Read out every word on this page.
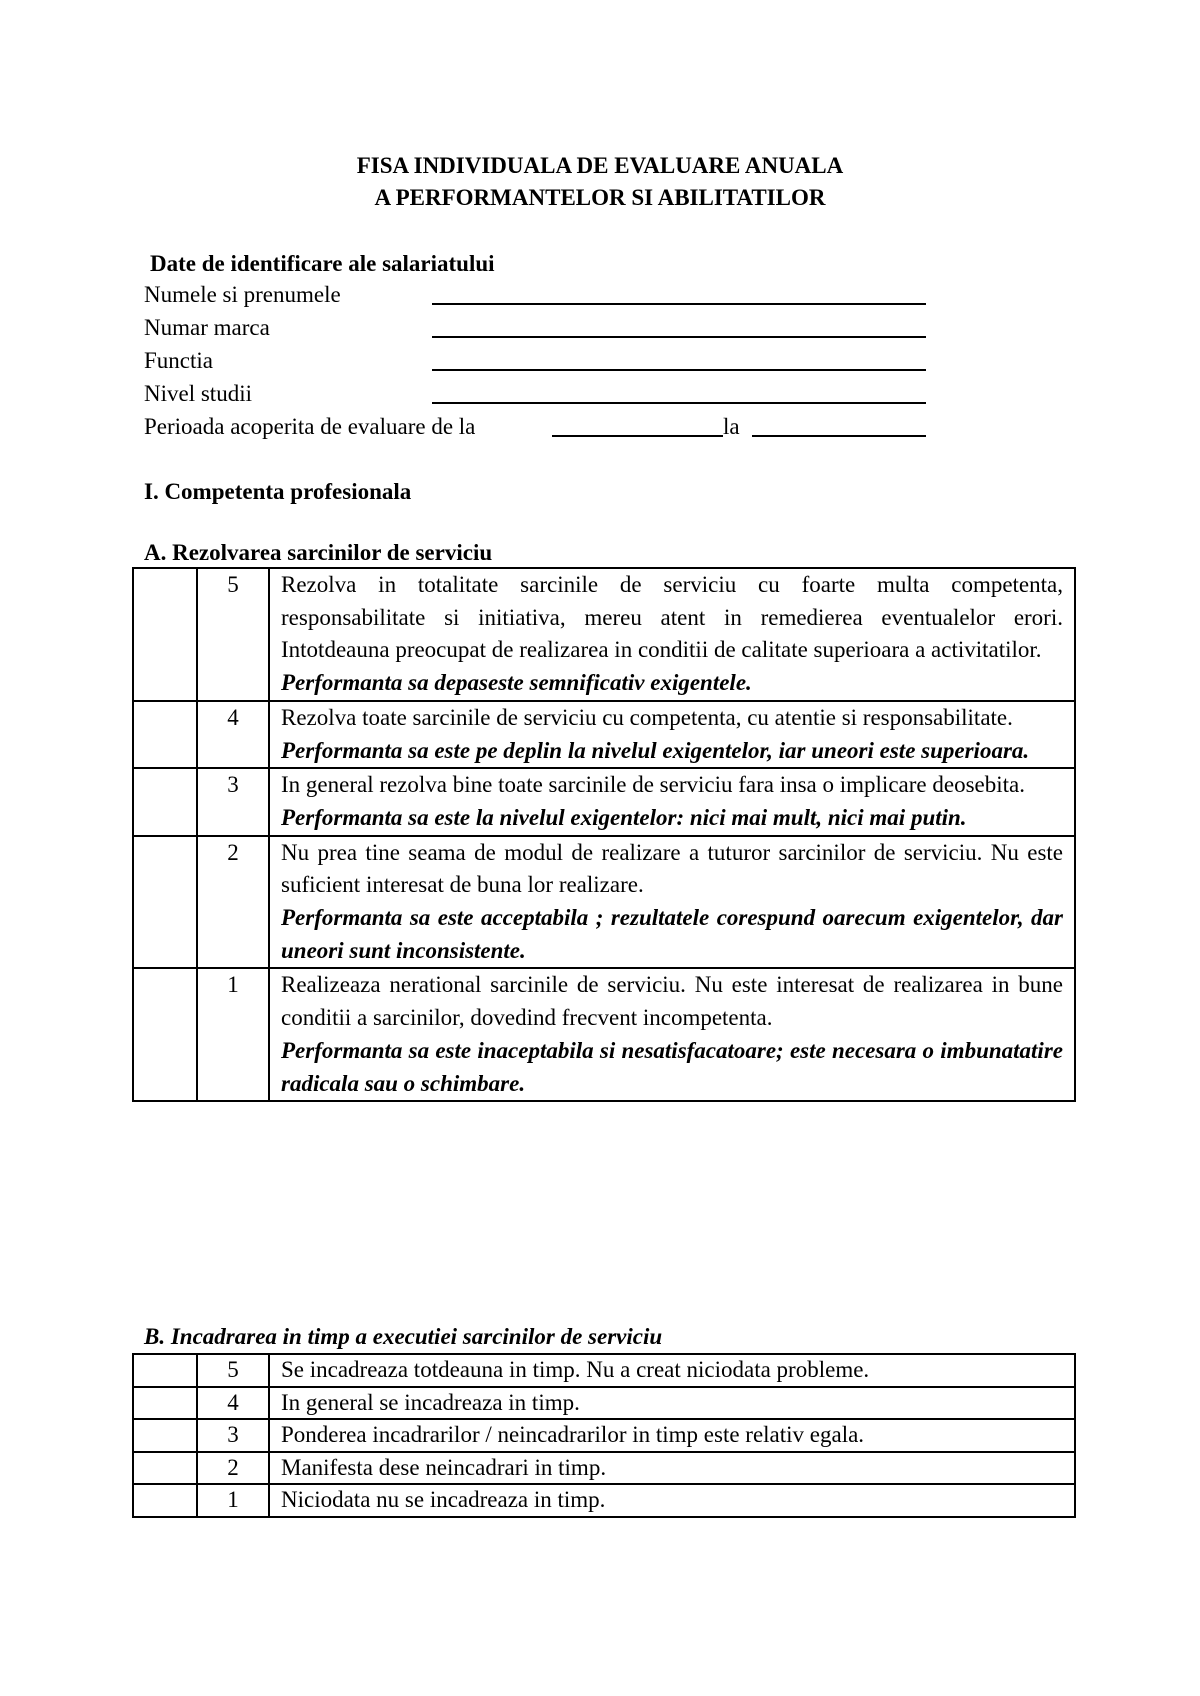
FISA INDIVIDUALA DE EVALUARE ANUALA
A PERFORMANTELOR SI ABILITATILOR
Date de identificare ale salariatului
Numele si prenumele
Numar marca
Functia
Nivel studii
Perioada acoperita de evaluare de la	la
I. Competenta profesionala
A. Rezolvarea sarcinilor de serviciu
	5	Rezolva in totalitate sarcinile de serviciu cu foarte multa competenta, responsabilitate si initiativa, mereu atent in remedierea eventualelor erori. Intotdeauna preocupat de realizarea in conditii de calitate superioara a activitatilor.
Performanta sa depaseste semnificativ exigentele.

	4	Rezolva toate sarcinile de serviciu cu competenta, cu atentie si responsabilitate.
Performanta sa este pe deplin la nivelul exigentelor, iar uneori este superioara.

	3	In general rezolva bine toate sarcinile de serviciu fara insa o implicare deosebita.
Performanta sa este la nivelul exigentelor: nici mai mult, nici mai putin.

	2	Nu prea tine seama de modul de realizare a tuturor sarcinilor de serviciu. Nu este suficient interesat de buna lor realizare.
Performanta sa este acceptabila ; rezultatele corespund oarecum exigentelor, dar uneori sunt inconsistente.

	1	Realizeaza nerational sarcinile de serviciu. Nu este interesat de realizarea in bune conditii a sarcinilor, dovedind frecvent incompetenta.
Performanta sa este inaceptabila si nesatisfacatoare; este necesara o imbunatatire radicala sau o schimbare.
B. Incadrarea in timp a executiei sarcinilor de serviciu
	5	Se incadreaza totdeauna in timp. Nu a creat niciodata probleme.
	4	In general se incadreaza in timp.
	3	Ponderea incadrarilor / neincadrarilor in timp este relativ egala.
	2	Manifesta dese neincadrari in timp.
	1	Niciodata nu se incadreaza in timp.
